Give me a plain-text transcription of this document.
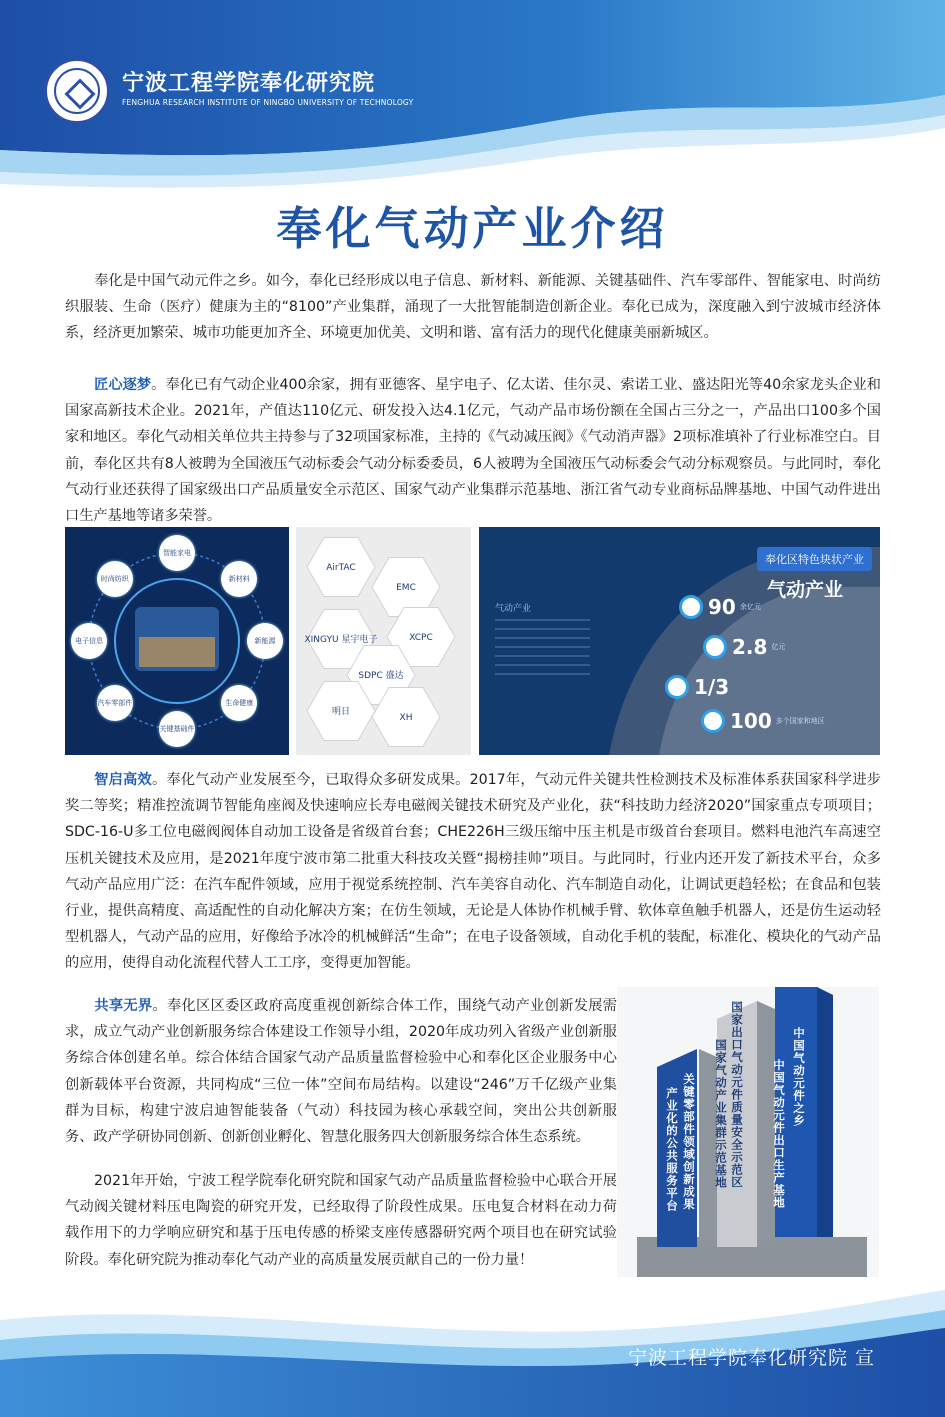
宁波工程学院奉化研究院
FENGHUA RESEARCH INSTITUTE OF NINGBO UNIVERSITY OF TECHNOLOGY
奉化气动产业介绍
奉化是中国气动元件之乡。如今，奉化已经形成以电子信息、新材料、新能源、关键基础件、汽车零部件、智能家电、时尚纺织服装、生命（医疗）健康为主的“8100”产业集群，涌现了一大批智能制造创新企业。奉化已成为，深度融入到宁波城市经济体系，经济更加繁荣、城市功能更加齐全、环境更加优美、文明和谐、富有活力的现代化健康美丽新城区。
匠心逐梦。奉化已有气动企业400余家，拥有亚德客、星宇电子、亿太诺、佳尔灵、索诺工业、盛达阳光等40余家龙头企业和国家高新技术企业。2021年，产值达110亿元、研发投入达4.1亿元，气动产品市场份额在全国占三分之一，产品出口100多个国家和地区。奉化气动相关单位共主持参与了32项国家标准，主持的《气动减压阀》《气动消声器》2项标准填补了行业标准空白。目前，奉化区共有8人被聘为全国液压气动标委会气动分标委委员，6人被聘为全国液压气动标委会气动分标观察员。与此同时，奉化气动行业还获得了国家级出口产品质量安全示范区、国家气动产业集群示范基地、浙江省气动专业商标品牌基地、中国气动件进出口生产基地等诸多荣誉。
智能家电
新材料
新能源
生命健康
关键基础件
汽车零部件
电子信息
时尚纺织
AirTAC
EMC
XINGYU 星宇电子	XCPC
SDPC 盛达
明日
XH
奉化区特色块状产业
气动产业
气动产业	90 余亿元
2.8 亿元
1/3
100 多个国家和地区
智启高效。奉化气动产业发展至今，已取得众多研发成果。2017年，气动元件关键共性检测技术及标准体系获国家科学进步奖二等奖；精准控流调节智能角座阀及快速响应长寿电磁阀关键技术研究及产业化，获“科技助力经济2020”国家重点专项项目；SDC-16-U多工位电磁阀阀体自动加工设备是省级首台套；CHE226H三级压缩中压主机是市级首台套项目。燃料电池汽车高速空压机关键技术及应用，是2021年度宁波市第二批重大科技攻关暨“揭榜挂帅”项目。与此同时，行业内还开发了新技术平台，众多气动产品应用广泛：在汽车配件领域，应用于视觉系统控制、汽车美容自动化、汽车制造自动化，让调试更趋轻松；在食品和包装行业，提供高精度、高适配性的自动化解决方案；在仿生领域，无论是人体协作机械手臂、软体章鱼触手机器人，还是仿生运动轻型机器人，气动产品的应用，好像给予冰冷的机械鲜活“生命”；在电子设备领域，自动化手机的装配，标准化、模块化的气动产品的应用，使得自动化流程代替人工工序，变得更加智能。
共享无界。奉化区区委区政府高度重视创新综合体工作，围绕气动产业创新发展需求，成立气动产业创新服务综合体建设工作领导小组，2020年成功列入省级产业创新服务综合体创建名单。综合体结合国家气动产品质量监督检验中心和奉化区企业服务中心创新载体平台资源，共同构成“三位一体”空间布局结构。以建设“246”万千亿级产业集群为目标，构建宁波启迪智能装备（气动）科技园为核心承载空间，突出公共创新服务、政产学研协同创新、创新创业孵化、智慧化服务四大创新服务综合体生态系统。
2021年开始，宁波工程学院奉化研究院和国家气动产品质量监督检验中心联合开展气动阀关键材料压电陶瓷的研究开发，已经取得了阶段性成果。压电复合材料在动力荷载作用下的力学响应研究和基于压电传感的桥梁支座传感器研究两个项目也在研究试验阶段。奉化研究院为推动奉化气动产业的高质量发展贡献自己的一份力量！
中国气动元件之乡
中国气动元件出口生产基地
国家出口气动元件质量安全示范区
国家气动产业集群示范基地
关键零部件领域创新成果
产业化的公共服务平台
宁波工程学院奉化研究院 宣
